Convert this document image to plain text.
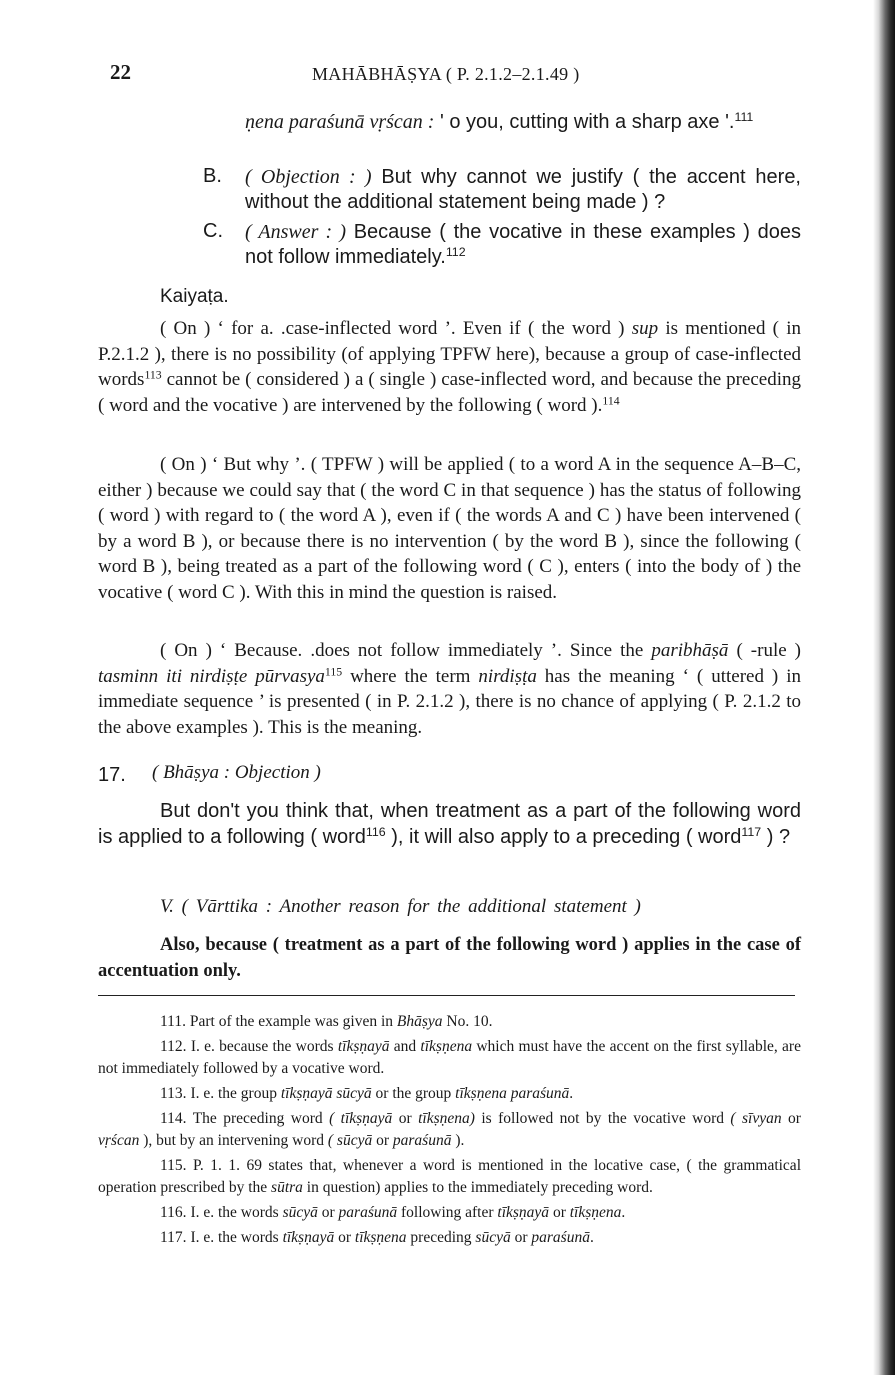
22	MAHĀBHĀṢYA ( P. 2.1.2–2.1.49 )
ṇena paraśunā vṛścan : ' o you, cutting with a sharp axe '.$^{111}$
B. ( Objection : ) But why cannot we justify ( the accent here, without the additional statement being made ) ?
C. ( Answer : ) Because ( the vocative in these examples ) does not follow immediately.$^{112}$
Kaiyaṭa.
( On ) ‘ for a. .case-inflected word ’. Even if ( the word ) sup is mentioned ( in P.2.1.2 ), there is no possibility (of applying TPFW here), because a group of case-inflected words$^{113}$ cannot be ( considered ) a ( single ) case-inflected word, and because the preceding ( word and the vocative ) are intervened by the following ( word ).$^{114}$
( On ) ‘ But why ’. ( TPFW ) will be applied ( to a word A in the sequence A–B–C, either ) because we could say that ( the word C in that sequence ) has the status of following ( word ) with regard to ( the word A ), even if ( the words A and C ) have been intervened ( by a word B ), or because there is no intervention ( by the word B ), since the following ( word B ), being treated as a part of the following word ( C ), enters ( into the body of ) the vocative ( word C ). With this in mind the question is raised.
( On ) ‘ Because. .does not follow immediately ’. Since the paribhāṣā ( -rule ) tasminn iti nirdiṣṭe pūrvasya$^{115}$ where the term nirdiṣṭa has the meaning ‘ ( uttered ) in immediate sequence ’ is presented ( in P. 2.1.2 ), there is no chance of applying ( P. 2.1.2 to the above examples ). This is the meaning.
17. ( Bhāṣya : Objection )
But don't you think that, when treatment as a part of the following word is applied to a following ( word$^{116}$ ), it will also apply to a preceding ( word$^{117}$ ) ?
V. ( Vārttika : Another reason for the additional statement )
Also, because ( treatment as a part of the following word ) applies in the case of accentuation only.
111. Part of the example was given in Bhāṣya No. 10.
112. I. e. because the words tīkṣṇayā and tīkṣṇena which must have the accent on the first syllable, are not immediately followed by a vocative word.
113. I. e. the group tīkṣṇayā sūcyā or the group tīkṣṇena paraśunā.
114. The preceding word ( tīkṣṇayā or tīkṣṇena) is followed not by the vocative word ( sīvyan or vṛścan ), but by an intervening word ( sūcyā or paraśunā ).
115. P. 1. 1. 69 states that, whenever a word is mentioned in the locative case, ( the grammatical operation prescribed by the sūtra in question) applies to the immediately preceding word.
116. I. e. the words sūcyā or paraśunā following after tīkṣṇayā or tīkṣṇena.
117. I. e. the words tīkṣṇayā or tīkṣṇena preceding sūcyā or paraśunā.
